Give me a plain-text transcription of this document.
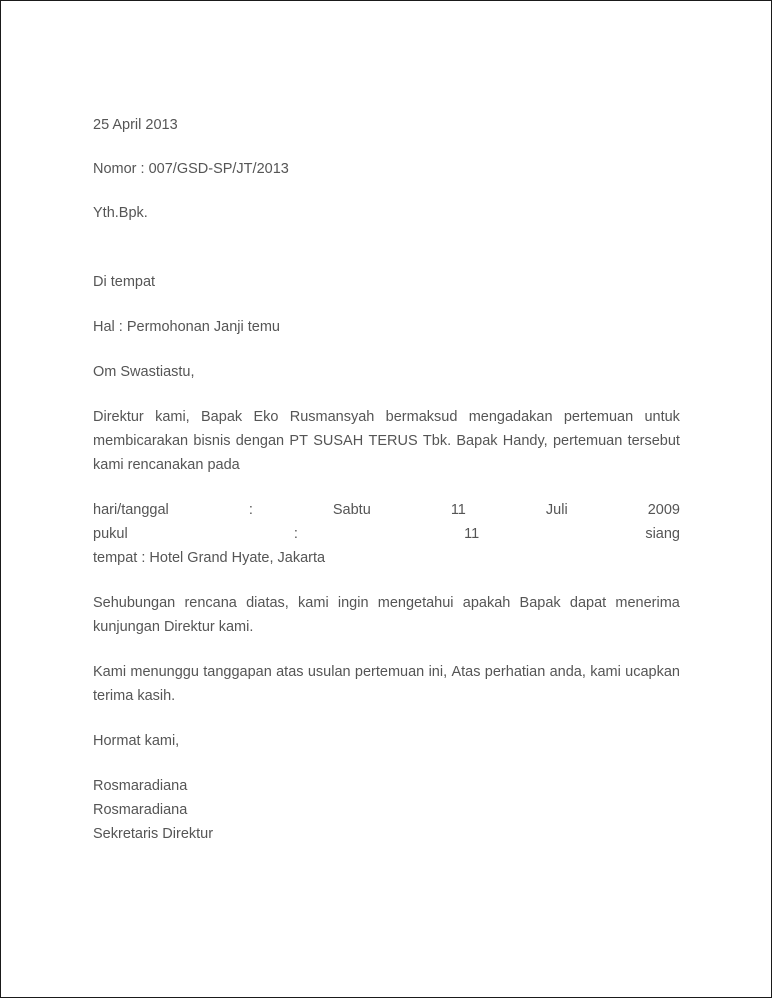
25 April 2013
Nomor : 007/GSD-SP/JT/2013
Yth.Bpk.
Di tempat
Hal : Permohonan Janji temu
Om Swastiastu,
Direktur kami, Bapak Eko Rusmansyah bermaksud mengadakan pertemuan untuk
membicarakan bisnis dengan PT SUSAH TERUS Tbk. Bapak Handy, pertemuan tersebut
kami rencanakan pada
hari/tanggal	:	Sabtu	11	Juli	2009
pukul	:	11	siang
tempat : Hotel Grand Hyate, Jakarta
Sehubungan rencana diatas, kami ingin mengetahui apakah Bapak dapat menerima
kunjungan Direktur kami.
Kami menunggu tanggapan atas usulan pertemuan ini, Atas perhatian anda, kami ucapkan
terima kasih.
Hormat kami,
Rosmaradiana
Rosmaradiana
Sekretaris Direktur
